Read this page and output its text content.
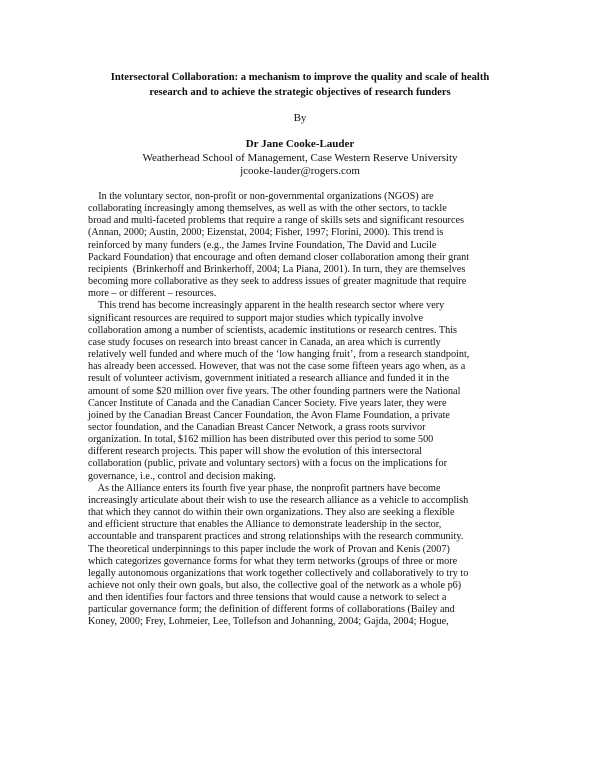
Intersectoral Collaboration: a mechanism to improve the quality and scale of health
research and to achieve the strategic objectives of research funders
By
Dr Jane Cooke-Lauder
Weatherhead School of Management, Case Western Reserve University
jcooke-lauder@rogers.com
In the voluntary sector, non-profit or non-governmental organizations (NGOS) are
collaborating increasingly among themselves, as well as with the other sectors, to tackle
broad and multi-faceted problems that require a range of skills sets and significant resources
(Annan, 2000; Austin, 2000; Eizenstat, 2004; Fisher, 1997; Florini, 2000). This trend is
reinforced by many funders (e.g., the James Irvine Foundation, The David and Lucile
Packard Foundation) that encourage and often demand closer collaboration among their grant
recipients  (Brinkerhoff and Brinkerhoff, 2004; La Piana, 2001). In turn, they are themselves
becoming more collaborative as they seek to address issues of greater magnitude that require
more – or different – resources.
This trend has become increasingly apparent in the health research sector where very
significant resources are required to support major studies which typically involve
collaboration among a number of scientists, academic institutions or research centres. This
case study focuses on research into breast cancer in Canada, an area which is currently
relatively well funded and where much of the ‘low hanging fruit’, from a research standpoint,
has already been accessed. However, that was not the case some fifteen years ago when, as a
result of volunteer activism, government initiated a research alliance and funded it in the
amount of some $20 million over five years. The other founding partners were the National
Cancer Institute of Canada and the Canadian Cancer Society. Five years later, they were
joined by the Canadian Breast Cancer Foundation, the Avon Flame Foundation, a private
sector foundation, and the Canadian Breast Cancer Network, a grass roots survivor
organization. In total, $162 million has been distributed over this period to some 500
different research projects. This paper will show the evolution of this intersectoral
collaboration (public, private and voluntary sectors) with a focus on the implications for
governance, i.e., control and decision making.
As the Alliance enters its fourth five year phase, the nonprofit partners have become
increasingly articulate about their wish to use the research alliance as a vehicle to accomplish
that which they cannot do within their own organizations. They also are seeking a flexible
and efficient structure that enables the Alliance to demonstrate leadership in the sector,
accountable and transparent practices and strong relationships with the research community.
The theoretical underpinnings to this paper include the work of Provan and Kenis (2007)
which categorizes governance forms for what they term networks (groups of three or more
legally autonomous organizations that work together collectively and collaboratively to try to
achieve not only their own goals, but also, the collective goal of the network as a whole p6)
and then identifies four factors and three tensions that would cause a network to select a
particular governance form; the definition of different forms of collaborations (Bailey and
Koney, 2000; Frey, Lohmeier, Lee, Tollefson and Johanning, 2004; Gajda, 2004; Hogue,
